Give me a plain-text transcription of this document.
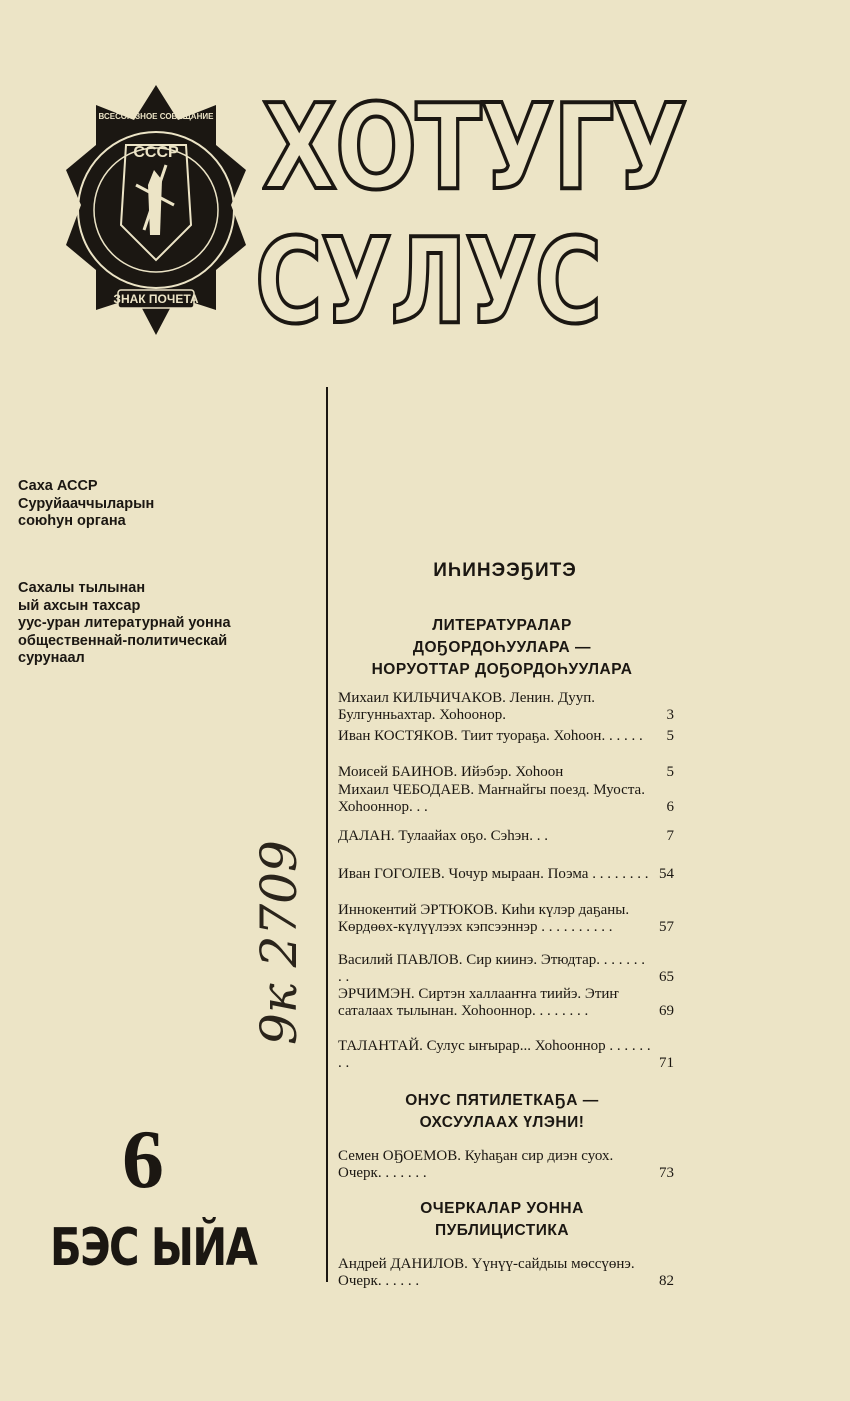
ЗНАК ПОЧЕТА
СССР
ВСЕСОЮЗНОЕ СОВЕЩАНИЕ ХОТУГУ
СУЛУС
Саха АССР
Суруйааччыларын
союһун органа
Сахалы тылынан
ый ахсын тахсар
уус-уран литературнай уонна
общественнай-политическай
сурунаал
9к 2709
6
БЭС ЫЙА
ИҺИНЭЭҔИТЭ
ЛИТЕРАТУРАЛАР
ДОҔОРДОҺУУЛАРА —
НОРУОТТАР ДОҔОРДОҺУУЛАРА
Михаил КИЛЬЧИЧАКОВ. Ленин. Дууп. Булгунньахтар. Хоһоонор.	3
Иван КОСТЯКОВ. Тиит туораҕа. Хоһоон. . . . . .	5
Моисей БАИНОВ. Ийэбэр. Хоһоон	5
Михаил ЧЕБОДАЕВ. Маҥнайгы поезд. Муоста. Хоһооннор. . .	6
ДАЛАН. Тулаайах оҕо. Сэһэн. . .	7
Иван ГОГОЛЕВ. Чочур мыраан. Поэма . . . . . . . . 54
Иннокентий ЭРТЮКОВ. Киһи күлэр даҕаны. Көрдөөх-күлүүлээх кэпсээннэр . . . . . . . . . .	57
Василий ПАВЛОВ. Сир киинэ. Этюдтар. . . . . . . . .	65
ЭРЧИМЭН. Сиртэн халлааҥҥа тиийэ. Этиҥ саталаах тылынан. Хоһооннор. . . . . . . .	69
ТАЛАНТАЙ. Сулус ыҥырар... Хоһооннор . . . . . . . .	71
ОНУС ПЯТИЛЕТКАҔА —
ОХСУУЛААХ ҮЛЭНИ!
Семен ОҔОЕМОВ. Куһаҕан сир диэн суох. Очерк. . . . . . .	73
ОЧЕРКАЛАР УОННА
ПУБЛИЦИСТИКА
Андрей ДАНИЛОВ. Үүнүү-сайдыы мөссүөнэ. Очерк. . . . . .	82
